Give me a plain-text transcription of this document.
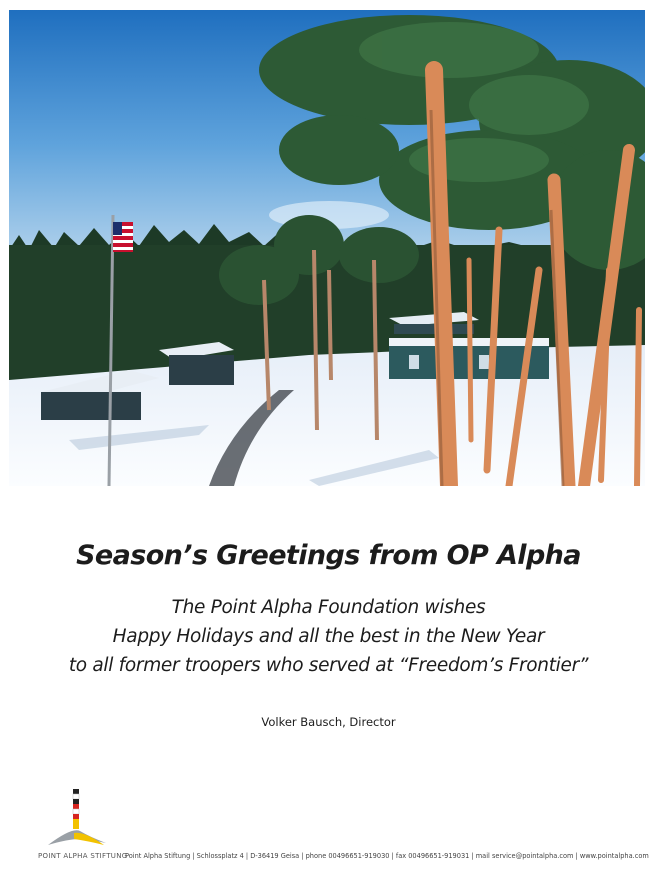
Season’s Greetings from OP Alpha
The Point Alpha Foundation wishes
Happy Holidays and all the best in the New Year
to all former troopers who served at “Freedom’s Frontier”
Volker Bausch, Director
POINT ALPHA STIFTUNG
Point Alpha Stiftung | Schlossplatz 4 | D-36419 Geisa | phone 00496651-919030 | fax 00496651-919031 | mail service@pointalpha.com | www.pointalpha.com
